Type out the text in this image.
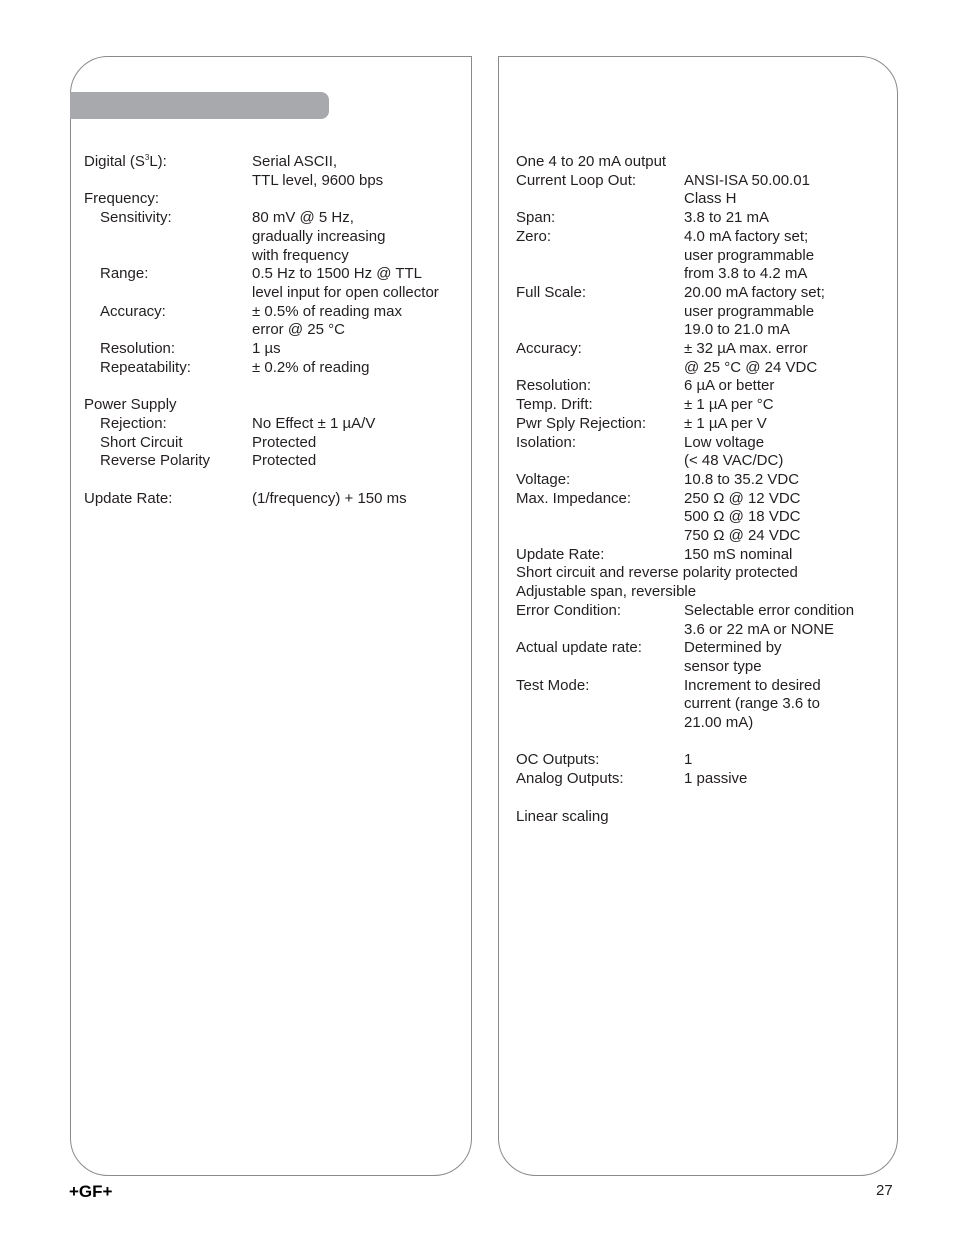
Digital $(S^3L)$:	Serial ASCII,
TTL level, 9600 bps
Frequency:
Sensitivity:	80 mV @ 5 Hz,
gradually increasing
with frequency
Range:	0.5 Hz to 1500 Hz @ TTL
level input for open collector
Accuracy:	± 0.5% of reading max
error @ 25 °C
Resolution:	1 µs
Repeatability:	± 0.2% of reading
Power Supply
Rejection:	No Effect ± 1 µA/V
Short Circuit	Protected
Reverse Polarity	Protected
Update Rate:	(1/frequency) + 150 ms
One 4 to 20 mA output
Current Loop Out:	ANSI-ISA 50.00.01
Class H
Span:	3.8 to 21 mA
Zero:	4.0 mA factory set;
user programmable
from 3.8 to 4.2 mA
Full Scale:	20.00 mA factory set;
user programmable
19.0 to 21.0 mA
Accuracy:	± 32 µA max. error
@ 25 °C @ 24 VDC
Resolution:	6 µA or better
Temp. Drift:	± 1 µA per °C
Pwr Sply Rejection:	± 1 µA per V
Isolation:	Low voltage
(< 48 VAC/DC)
Voltage:	10.8 to 35.2 VDC
Max. Impedance:	250 Ω @ 12 VDC
500 Ω @ 18 VDC
750 Ω @ 24 VDC
Update Rate:	150 mS nominal
Short circuit and reverse polarity protected
Adjustable span, reversible
Error Condition:	Selectable error condition
3.6 or 22 mA or NONE
Actual update rate:	Determined by
sensor type
Test Mode:	Increment to desired
current (range 3.6 to
21.00 mA)
OC Outputs:	1
Analog Outputs:	1 passive
Linear scaling
+GF+	27
